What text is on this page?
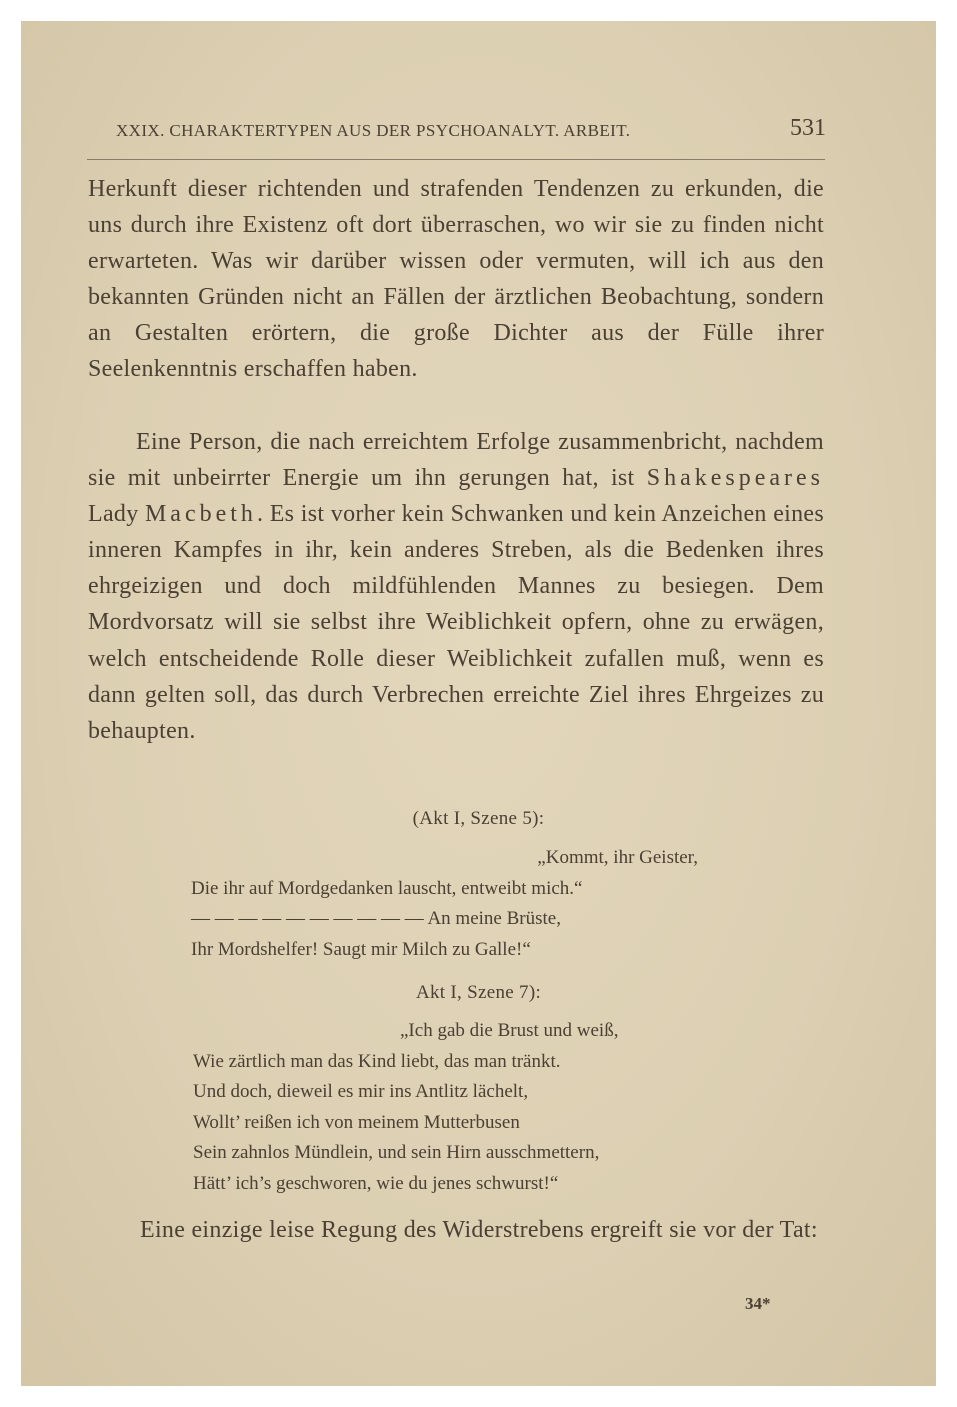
XXIX. CHARAKTERTYPEN AUS DER PSYCHOANALYT. ARBEIT.	531

Herkunft dieser richtenden und strafenden Tendenzen zu erkunden, die uns durch ihre Existenz oft dort überraschen, wo wir sie zu finden nicht erwarteten. Was wir darüber wissen oder vermuten, will ich aus den bekannten Gründen nicht an Fällen der ärztlichen Beobachtung, sondern an Gestalten erörtern, die große Dichter aus der Fülle ihrer Seelenkenntnis erschaffen haben.

Eine Person, die nach erreichtem Erfolge zusammenbricht, nachdem sie mit unbeirrter Energie um ihn gerungen hat, ist Shakespeares Lady Macbeth. Es ist vorher kein Schwanken und kein Anzeichen eines inneren Kampfes in ihr, kein anderes Streben, als die Bedenken ihres ehrgeizigen und doch mildfühlenden Mannes zu besiegen. Dem Mordvorsatz will sie selbst ihre Weiblichkeit opfern, ohne zu erwägen, welch entscheidende Rolle dieser Weiblichkeit zufallen muß, wenn es dann gelten soll, das durch Verbrechen erreichte Ziel ihres Ehrgeizes zu behaupten.

(Akt I, Szene 5):
„Kommt, ihr Geister,
Die ihr auf Mordgedanken lauscht, entweibt mich.“
— — — — — — — — — — An meine Brüste,
Ihr Mordshelfer! Saugt mir Milch zu Galle!“
Akt I, Szene 7):
„Ich gab die Brust und weiß,
Wie zärtlich man das Kind liebt, das man tränkt.
Und doch, dieweil es mir ins Antlitz lächelt,
Wollt’ reißen ich von meinem Mutterbusen
Sein zahnlos Mündlein, und sein Hirn ausschmettern,
Hätt’ ich’s geschworen, wie du jenes schwurst!“

Eine einzige leise Regung des Widerstrebens ergreift sie vor der Tat:

34*
